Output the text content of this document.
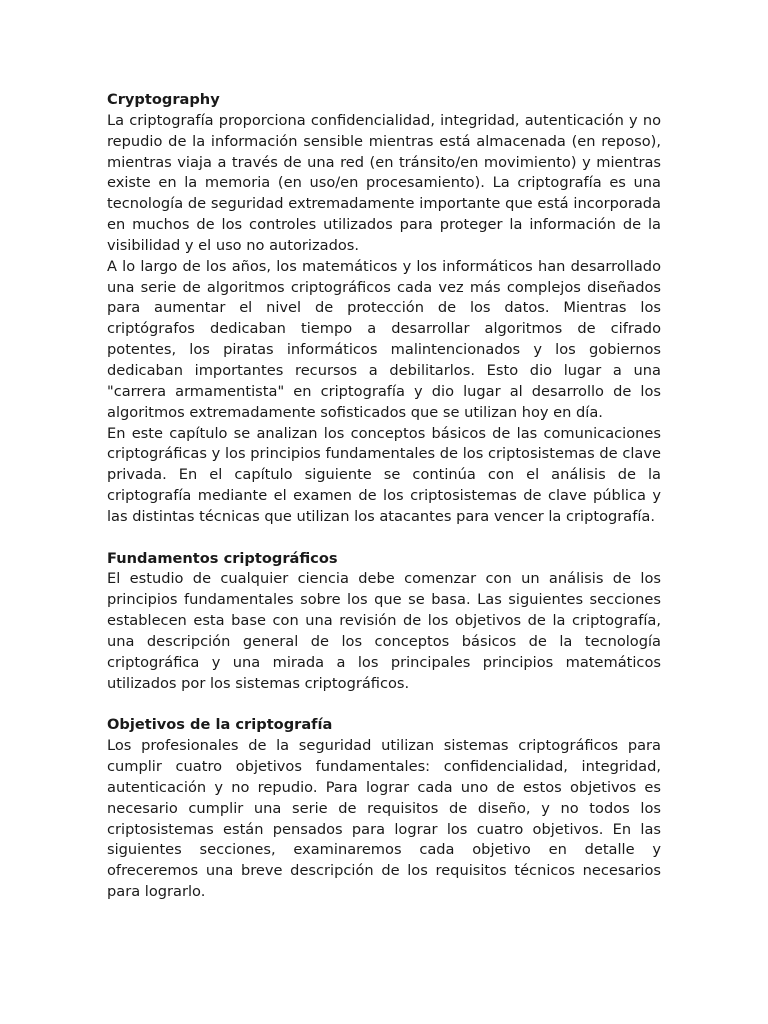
Cryptography

La criptografía proporciona confidencialidad, integridad, autenticación y no repudio de la información sensible mientras está almacenada (en reposo), mientras viaja a través de una red (en tránsito/en movimiento) y mientras existe en la memoria (en uso/en procesamiento). La criptografía es una tecnología de seguridad extremadamente importante que está incorporada en muchos de los controles utilizados para proteger la información de la visibilidad y el uso no autorizados.

A lo largo de los años, los matemáticos y los informáticos han desarrollado una serie de algoritmos criptográficos cada vez más complejos diseñados para aumentar el nivel de protección de los datos. Mientras los criptógrafos dedicaban tiempo a desarrollar algoritmos de cifrado potentes, los piratas informáticos malintencionados y los gobiernos dedicaban importantes recursos a debilitarlos. Esto dio lugar a una "carrera armamentista" en criptografía y dio lugar al desarrollo de los algoritmos extremadamente sofisticados que se utilizan hoy en día.

En este capítulo se analizan los conceptos básicos de las comunicaciones criptográficas y los principios fundamentales de los criptosistemas de clave privada. En el capítulo siguiente se continúa con el análisis de la criptografía mediante el examen de los criptosistemas de clave pública y las distintas técnicas que utilizan los atacantes para vencer la criptografía.

Fundamentos criptográficos

El estudio de cualquier ciencia debe comenzar con un análisis de los principios fundamentales sobre los que se basa. Las siguientes secciones establecen esta base con una revisión de los objetivos de la criptografía, una descripción general de los conceptos básicos de la tecnología criptográfica y una mirada a los principales principios matemáticos utilizados por los sistemas criptográficos.

Objetivos de la criptografía

Los profesionales de la seguridad utilizan sistemas criptográficos para cumplir cuatro objetivos fundamentales: confidencialidad, integridad, autenticación y no repudio. Para lograr cada uno de estos objetivos es necesario cumplir una serie de requisitos de diseño, y no todos los criptosistemas están pensados para lograr los cuatro objetivos. En las siguientes secciones, examinaremos cada objetivo en detalle y ofreceremos una breve descripción de los requisitos técnicos necesarios para lograrlo.
